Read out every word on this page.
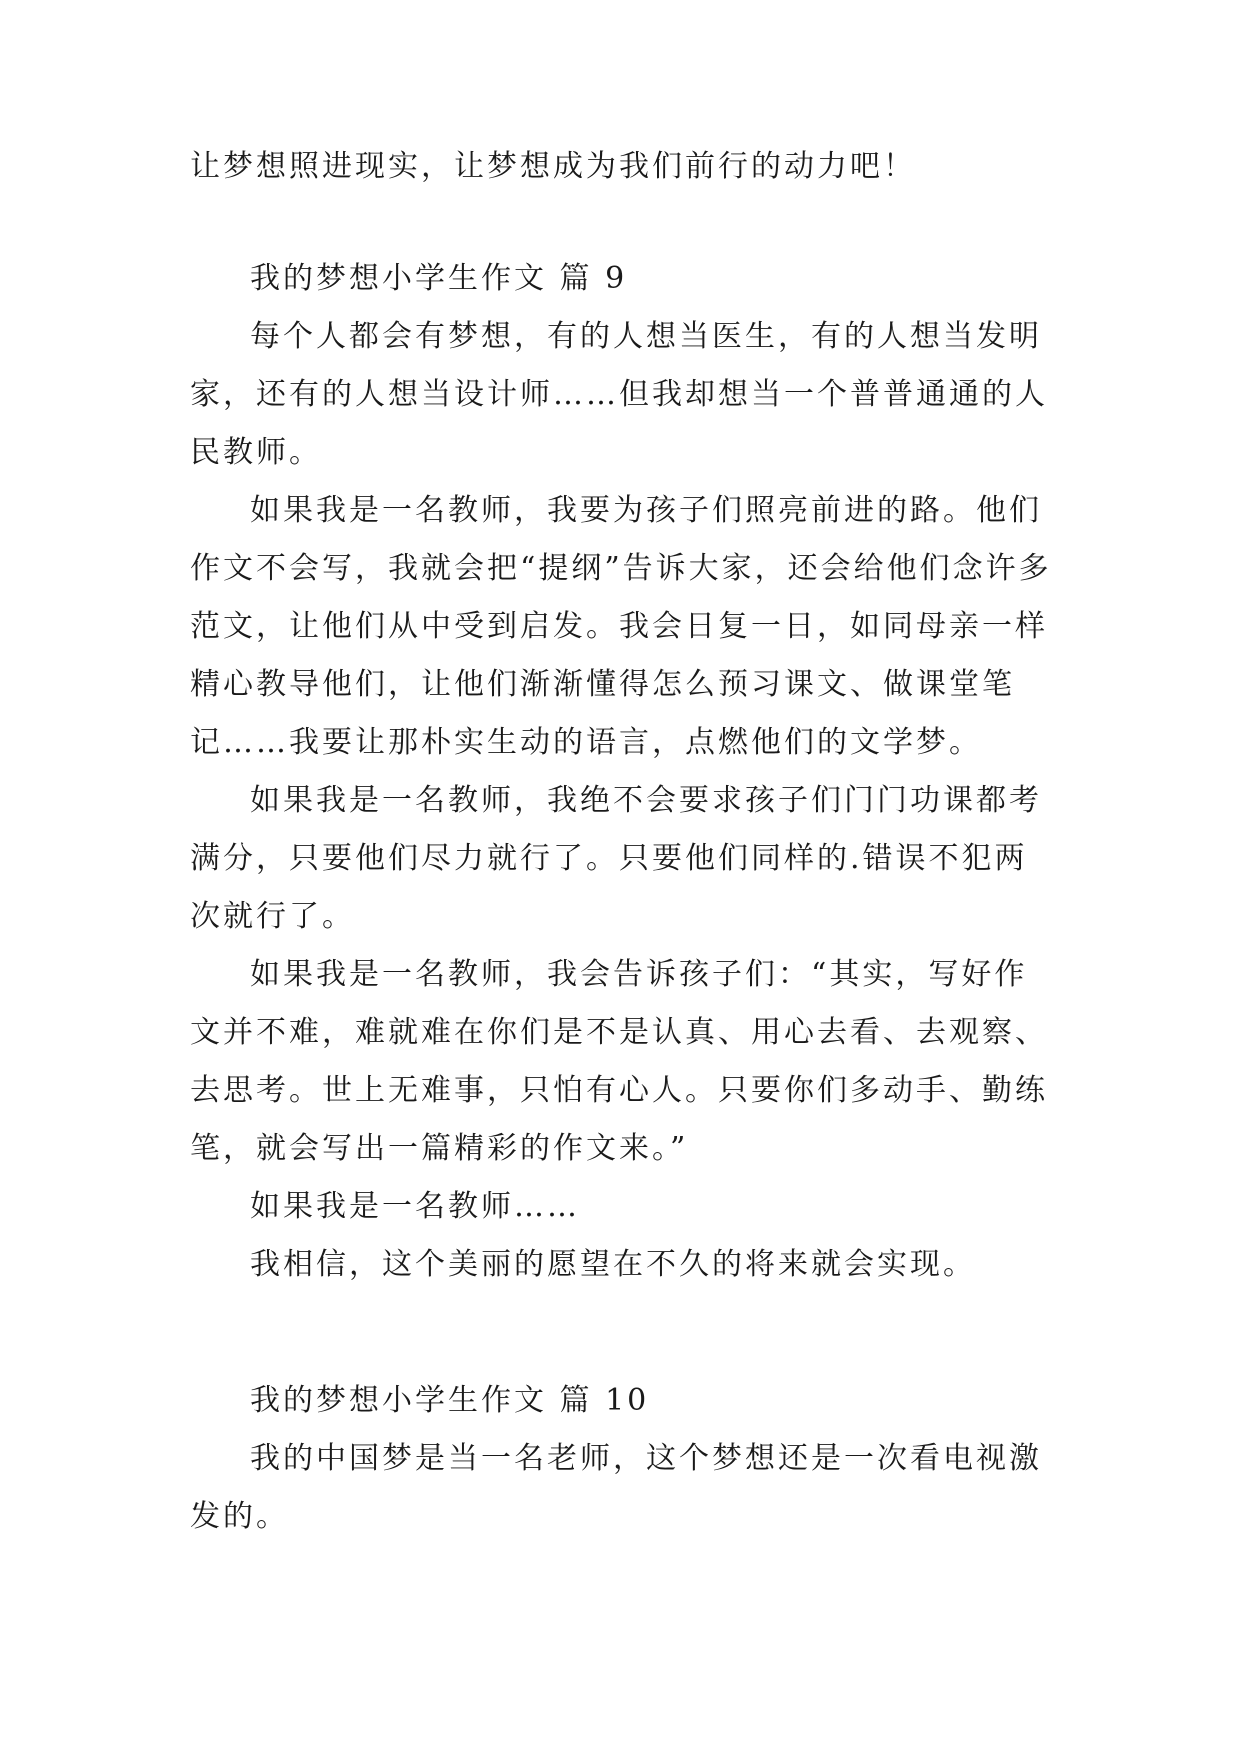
让梦想照进现实，让梦想成为我们前行的动力吧！

我的梦想小学生作文 篇 9

每个人都会有梦想，有的人想当医生，有的人想当发明家，还有的人想当设计师……但我却想当一个普普通通的人民教师。

如果我是一名教师，我要为孩子们照亮前进的路。他们作文不会写，我就会把“提纲”告诉大家，还会给他们念许多范文，让他们从中受到启发。我会日复一日，如同母亲一样精心教导他们，让他们渐渐懂得怎么预习课文、做课堂笔记……我要让那朴实生动的语言，点燃他们的文学梦。

如果我是一名教师，我绝不会要求孩子们门门功课都考满分，只要他们尽力就行了。只要他们同样的.错误不犯两次就行了。

如果我是一名教师，我会告诉孩子们：“其实，写好作文并不难，难就难在你们是不是认真、用心去看、去观察、去思考。世上无难事，只怕有心人。只要你们多动手、勤练笔，就会写出一篇精彩的作文来。”

如果我是一名教师……

我相信，这个美丽的愿望在不久的将来就会实现。

我的梦想小学生作文 篇 10

我的中国梦是当一名老师，这个梦想还是一次看电视激发的。
